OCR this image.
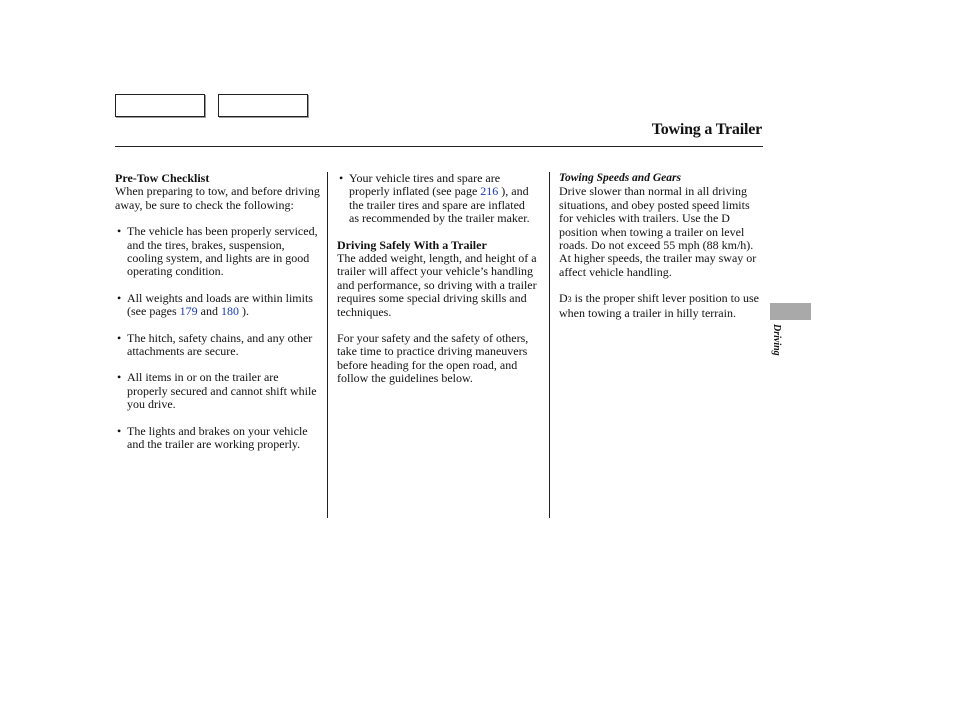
Towing a Trailer
Pre-Tow Checklist

When preparing to tow, and before driving away, be sure to check the following:

• The vehicle has been properly serviced, and the tires, brakes, suspension, cooling system, and lights are in good operating condition.

• All weights and loads are within limits (see pages 179 and 180 ).

• The hitch, safety chains, and any other attachments are secure.

• All items in or on the trailer are properly secured and cannot shift while you drive.

• The lights and brakes on your vehicle and the trailer are working properly.

• Your vehicle tires and spare are properly inflated (see page 216 ), and the trailer tires and spare are inflated as recommended by the trailer maker.

Driving Safely With a Trailer

The added weight, length, and height of a trailer will affect your vehicle’s handling and performance, so driving with a trailer requires some special driving skills and techniques.

For your safety and the safety of others, take time to practice driving maneuvers before heading for the open road, and follow the guidelines below.

Towing Speeds and Gears

Drive slower than normal in all driving situations, and obey posted speed limits for vehicles with trailers. Use the D position when towing a trailer on level roads. Do not exceed 55 mph (88 km/h). At higher speeds, the trailer may sway or affect vehicle handling.

D3 is the proper shift lever position to use when towing a trailer in hilly terrain.

Driving
